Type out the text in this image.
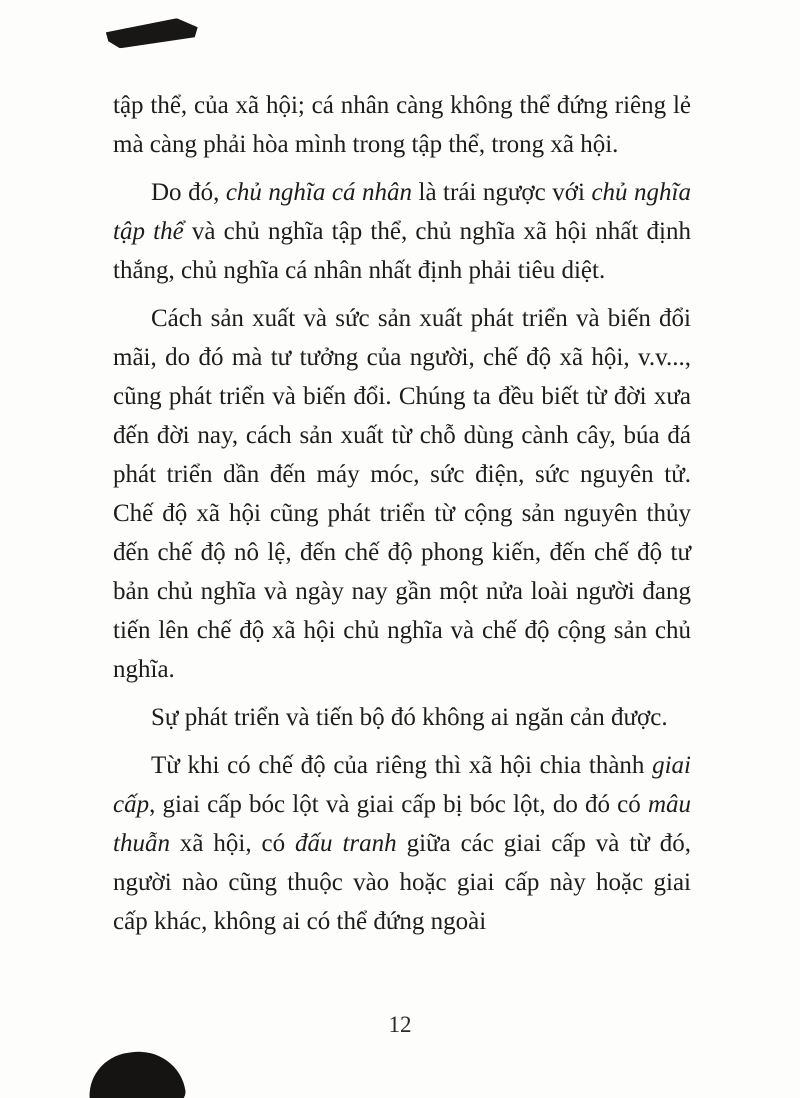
tập thể, của xã hội; cá nhân càng không thể đứng riêng lẻ mà càng phải hòa mình trong tập thể, trong xã hội.

Do đó, chủ nghĩa cá nhân là trái ngược với chủ nghĩa tập thể và chủ nghĩa tập thể, chủ nghĩa xã hội nhất định thắng, chủ nghĩa cá nhân nhất định phải tiêu diệt.

Cách sản xuất và sức sản xuất phát triển và biến đổi mãi, do đó mà tư tưởng của người, chế độ xã hội, v.v..., cũng phát triển và biến đổi. Chúng ta đều biết từ đời xưa đến đời nay, cách sản xuất từ chỗ dùng cành cây, búa đá phát triển dần đến máy móc, sức điện, sức nguyên tử. Chế độ xã hội cũng phát triển từ cộng sản nguyên thủy đến chế độ nô lệ, đến chế độ phong kiến, đến chế độ tư bản chủ nghĩa và ngày nay gần một nửa loài người đang tiến lên chế độ xã hội chủ nghĩa và chế độ cộng sản chủ nghĩa.

Sự phát triển và tiến bộ đó không ai ngăn cản được.

Từ khi có chế độ của riêng thì xã hội chia thành giai cấp, giai cấp bóc lột và giai cấp bị bóc lột, do đó có mâu thuẫn xã hội, có đấu tranh giữa các giai cấp và từ đó, người nào cũng thuộc vào hoặc giai cấp này hoặc giai cấp khác, không ai có thể đứng ngoài

12
